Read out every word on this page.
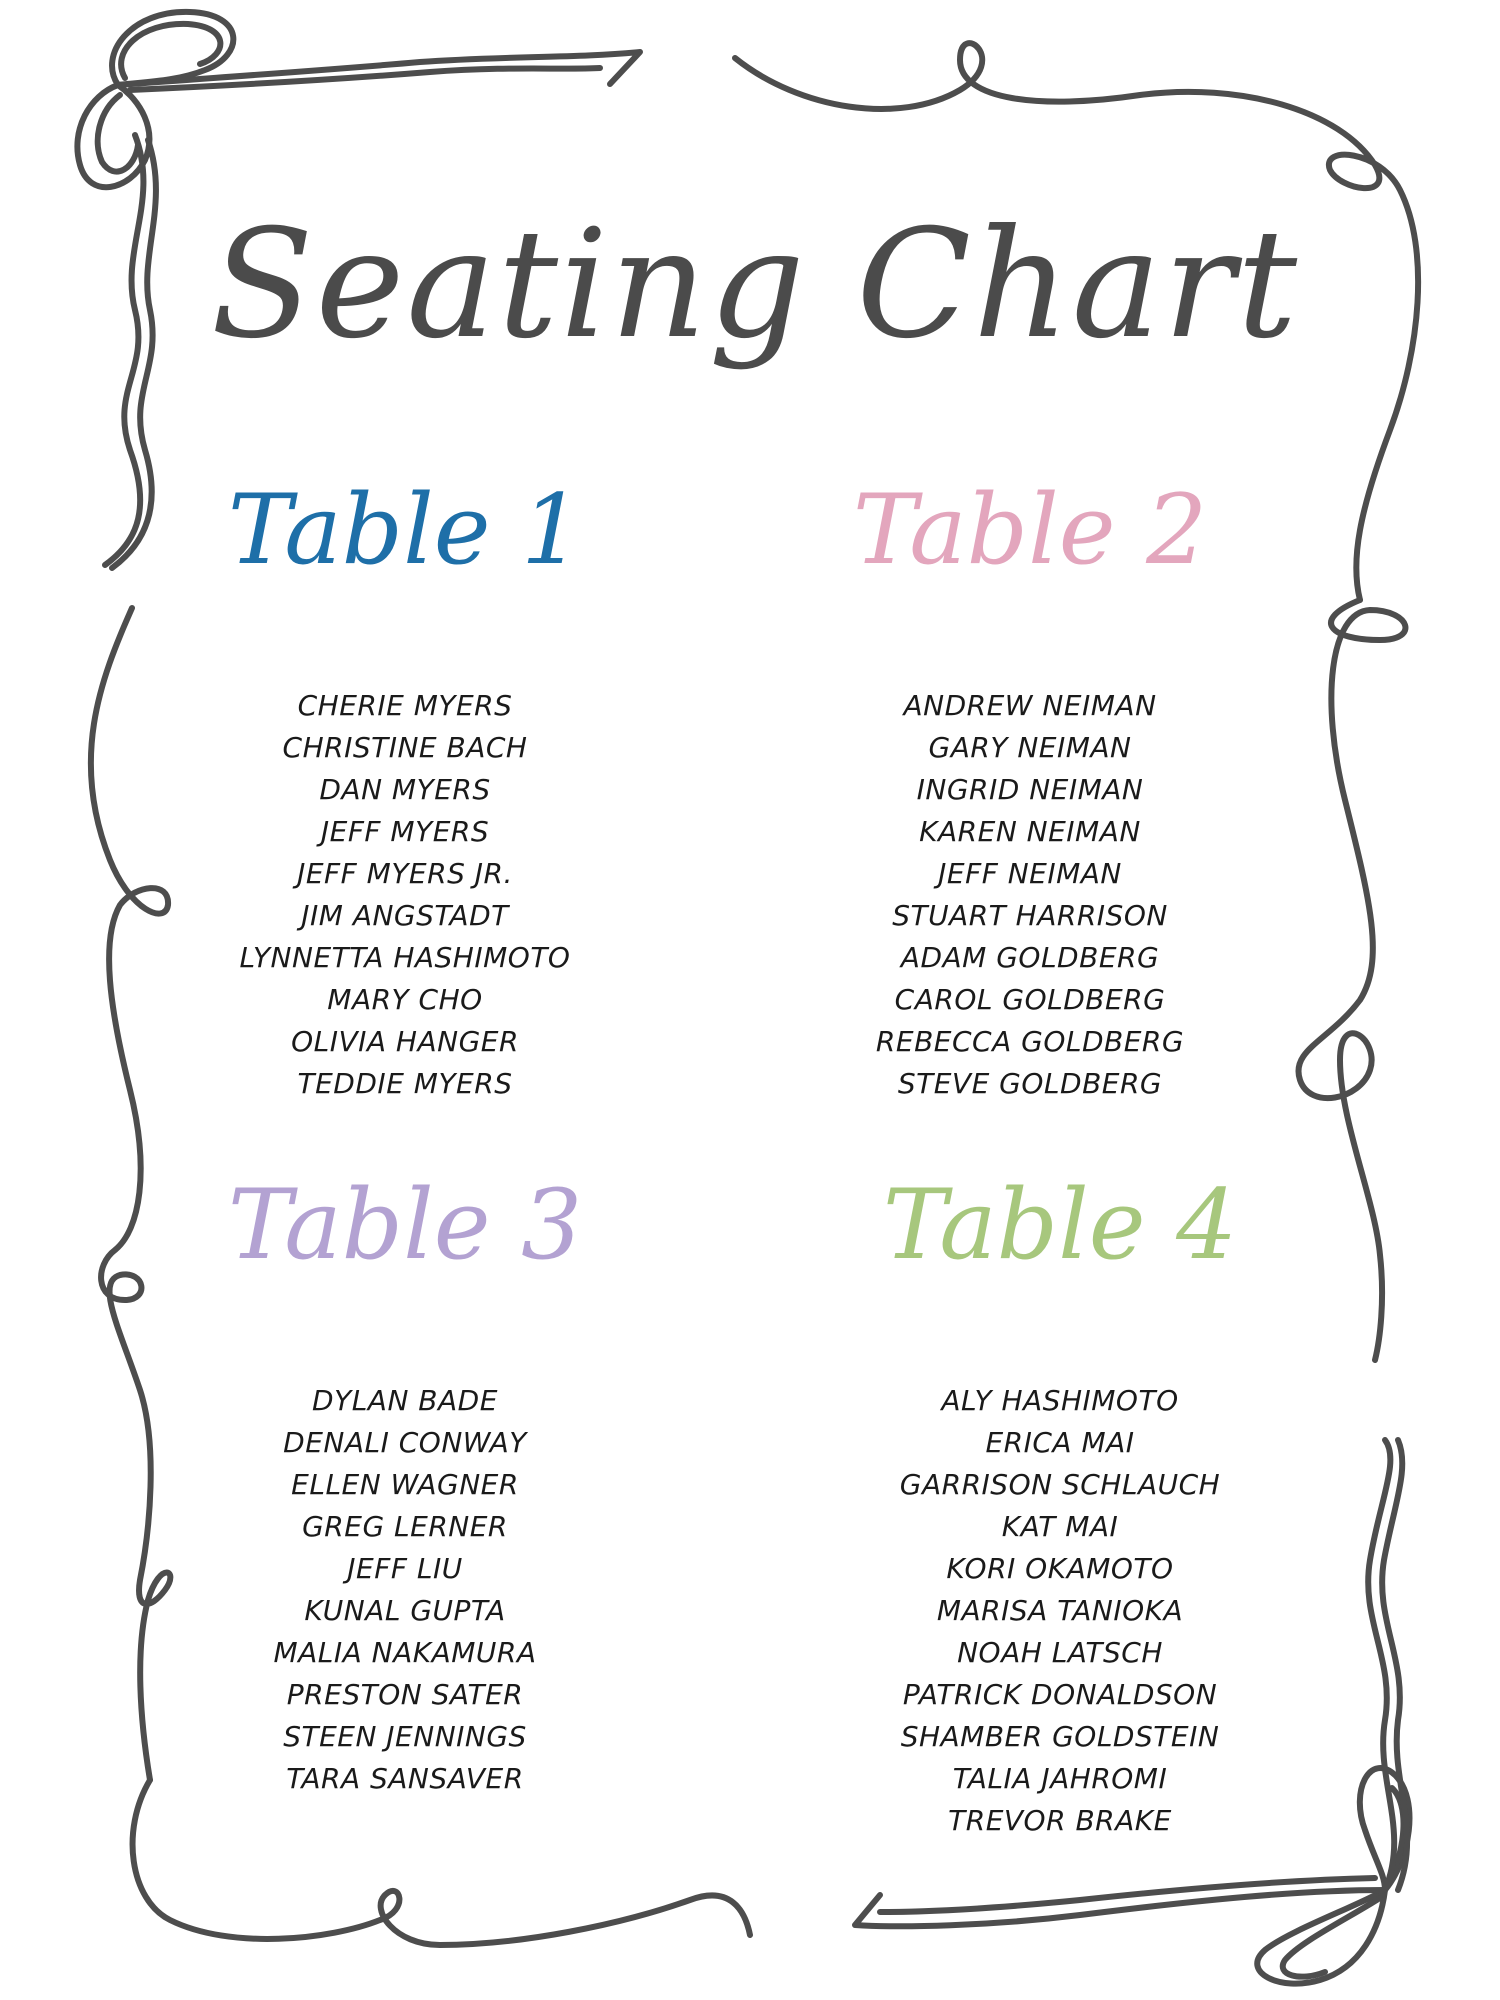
Seating Chart
Table 1
CHERIE MYERS
CHRISTINE BACH
DAN MYERS
JEFF MYERS
JEFF MYERS JR.
JIM ANGSTADT
LYNNETTA HASHIMOTO
MARY CHO
OLIVIA HANGER
TEDDIE MYERS
Table 2
ANDREW NEIMAN
GARY NEIMAN
INGRID NEIMAN
KAREN NEIMAN
JEFF NEIMAN
STUART HARRISON
ADAM GOLDBERG
CAROL GOLDBERG
REBECCA GOLDBERG
STEVE GOLDBERG
Table 3
DYLAN BADE
DENALI CONWAY
ELLEN WAGNER
GREG LERNER
JEFF LIU
KUNAL GUPTA
MALIA NAKAMURA
PRESTON SATER
STEEN JENNINGS
TARA SANSAVER
Table 4
ALY HASHIMOTO
ERICA MAI
GARRISON SCHLAUCH
KAT MAI
KORI OKAMOTO
MARISA TANIOKA
NOAH LATSCH
PATRICK DONALDSON
SHAMBER GOLDSTEIN
TALIA JAHROMI
TREVOR BRAKE
